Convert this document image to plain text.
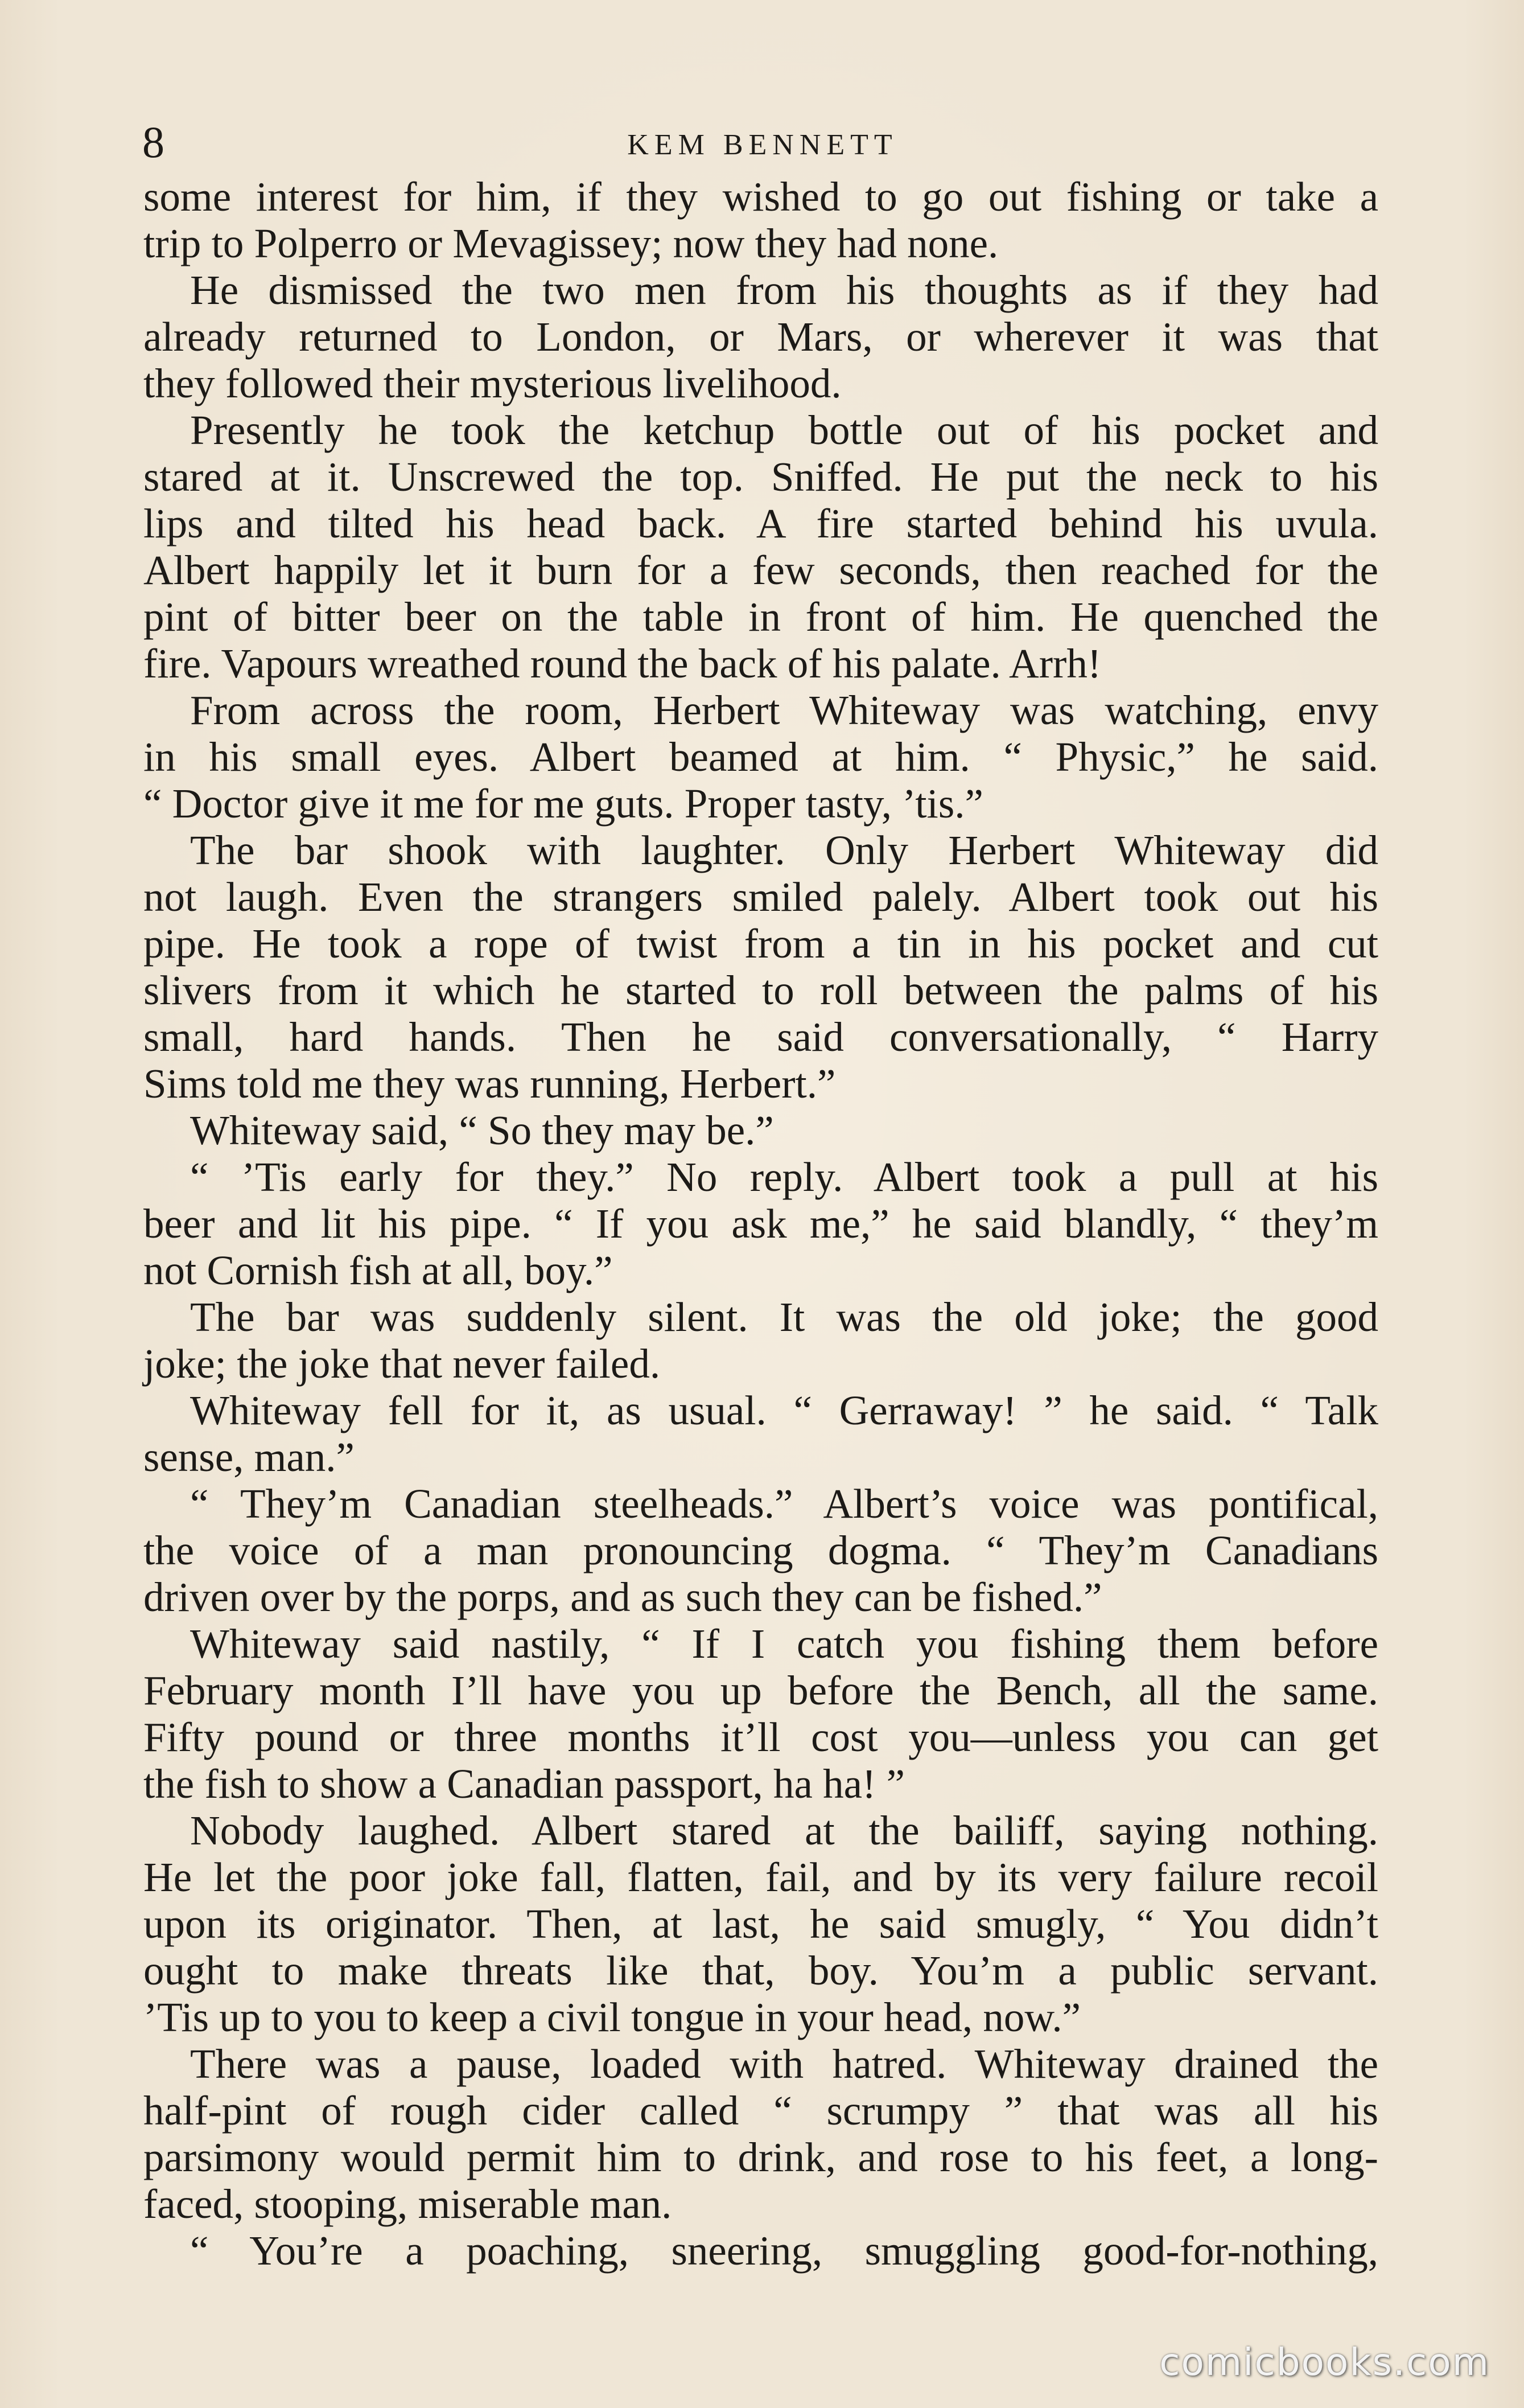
8	KEM BENNETT
some interest for him, if they wished to go out fishing or take a
trip to Polperro or Mevagissey; now they had none.
He dismissed the two men from his thoughts as if they had
already returned to London, or Mars, or wherever it was that
they followed their mysterious livelihood.
Presently he took the ketchup bottle out of his pocket and
stared at it. Unscrewed the top. Sniffed. He put the neck to his
lips and tilted his head back. A fire started behind his uvula.
Albert happily let it burn for a few seconds, then reached for the
pint of bitter beer on the table in front of him. He quenched the
fire. Vapours wreathed round the back of his palate. Arrh!
From across the room, Herbert Whiteway was watching, envy
in his small eyes. Albert beamed at him. “ Physic,” he said.
“ Doctor give it me for me guts. Proper tasty, ’tis.”
The bar shook with laughter. Only Herbert Whiteway did
not laugh. Even the strangers smiled palely. Albert took out his
pipe. He took a rope of twist from a tin in his pocket and cut
slivers from it which he started to roll between the palms of his
small, hard hands. Then he said conversationally, “ Harry
Sims told me they was running, Herbert.”
Whiteway said, “ So they may be.”
“ ’Tis early for they.” No reply. Albert took a pull at his
beer and lit his pipe. “ If you ask me,” he said blandly, “ they’m
not Cornish fish at all, boy.”
The bar was suddenly silent. It was the old joke; the good
joke; the joke that never failed.
Whiteway fell for it, as usual. “ Gerraway! ” he said. “ Talk
sense, man.”
“ They’m Canadian steelheads.” Albert’s voice was pontifical,
the voice of a man pronouncing dogma. “ They’m Canadians
driven over by the porps, and as such they can be fished.”
Whiteway said nastily, “ If I catch you fishing them before
February month I’ll have you up before the Bench, all the same.
Fifty pound or three months it’ll cost you—unless you can get
the fish to show a Canadian passport, ha ha! ”
Nobody laughed. Albert stared at the bailiff, saying nothing.
He let the poor joke fall, flatten, fail, and by its very failure recoil
upon its originator. Then, at last, he said smugly, “ You didn’t
ought to make threats like that, boy. You’m a public servant.
’Tis up to you to keep a civil tongue in your head, now.”
There was a pause, loaded with hatred. Whiteway drained the
half-pint of rough cider called “ scrumpy ” that was all his
parsimony would permit him to drink, and rose to his feet, a long-
faced, stooping, miserable man.
“ You’re a poaching, sneering, smuggling good-for-nothing,
comicbooks.com
